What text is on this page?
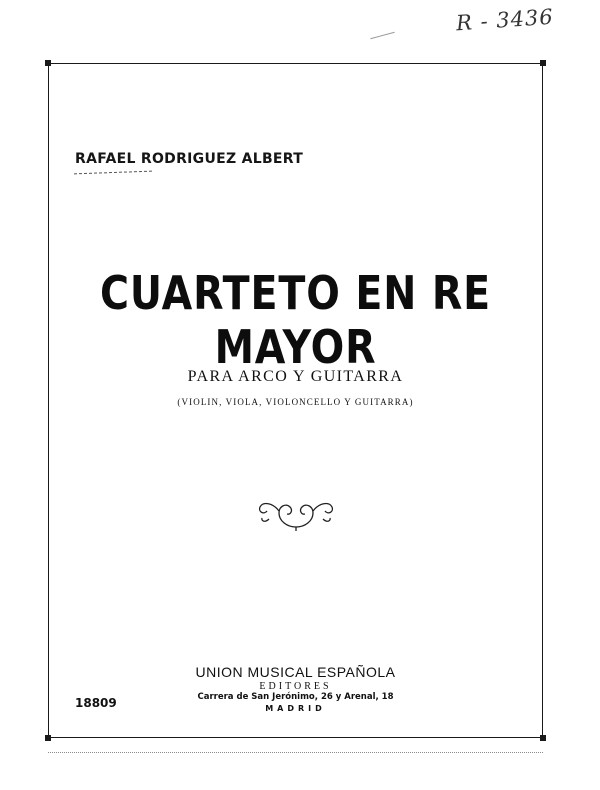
R - 3436
RAFAEL RODRIGUEZ ALBERT
CUARTETO EN RE MAYOR
PARA ARCO Y GUITARRA
(VIOLIN, VIOLA, VIOLONCELLO Y GUITARRA)
UNION MUSICAL ESPAÑOLA
EDITORES
Carrera de San Jerónimo, 26 y Arenal, 18
MADRID
18809
